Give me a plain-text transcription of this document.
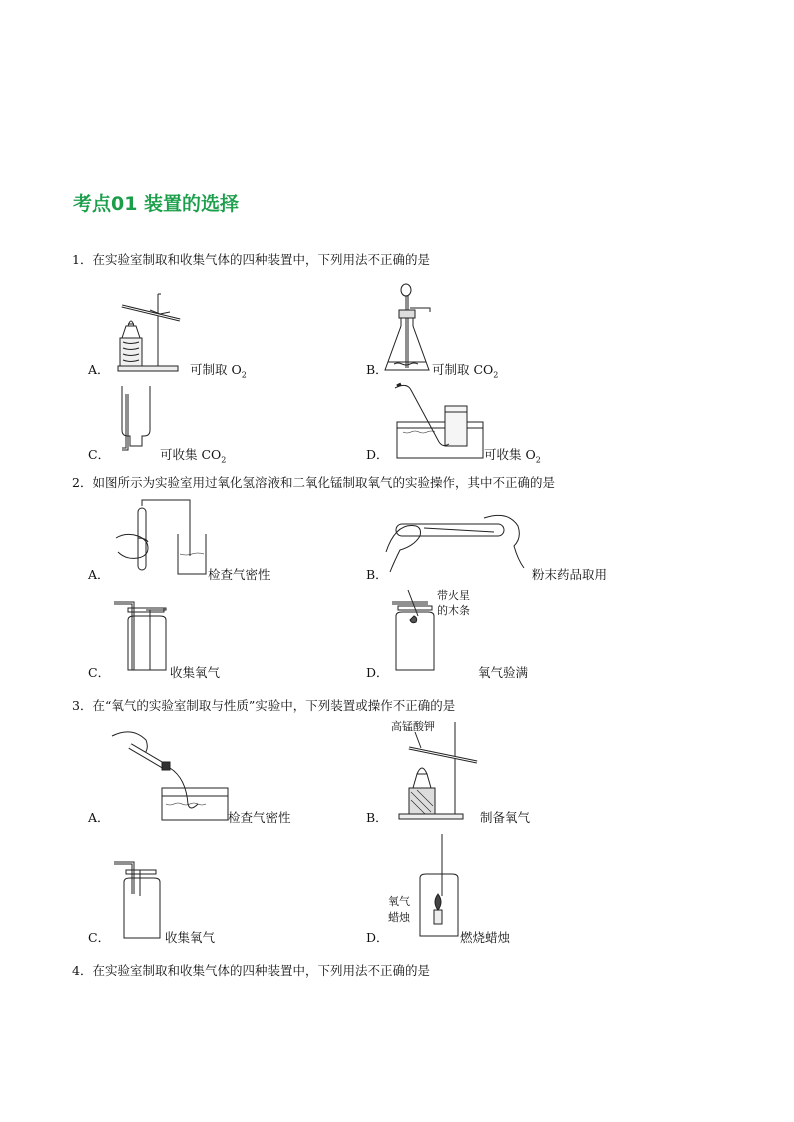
考点01 装置的选择
1．在实验室制取和收集气体的四种装置中，下列用法不正确的是
A．	可制取 $O_2$	B．	可制取 $CO_2$
C．	可收集 $CO_2$	D．	可收集 $O_2$
2．如图所示为实验室用过氧化氢溶液和二氧化锰制取氧气的实验操作，其中不正确的是
A．	检查气密性	B．	粉末药品取用
C．	收集氧气
带火星
的木条
D．	氧气验满
3．在“氧气的实验室制取与性质”实验中，下列装置或操作不正确的是
A．	检查气密性
高锰酸钾
B．	制备氧气
C．	收集氧气
氧气
蜡烛
D．	燃烧蜡烛
4．在实验室制取和收集气体的四种装置中，下列用法不正确的是
